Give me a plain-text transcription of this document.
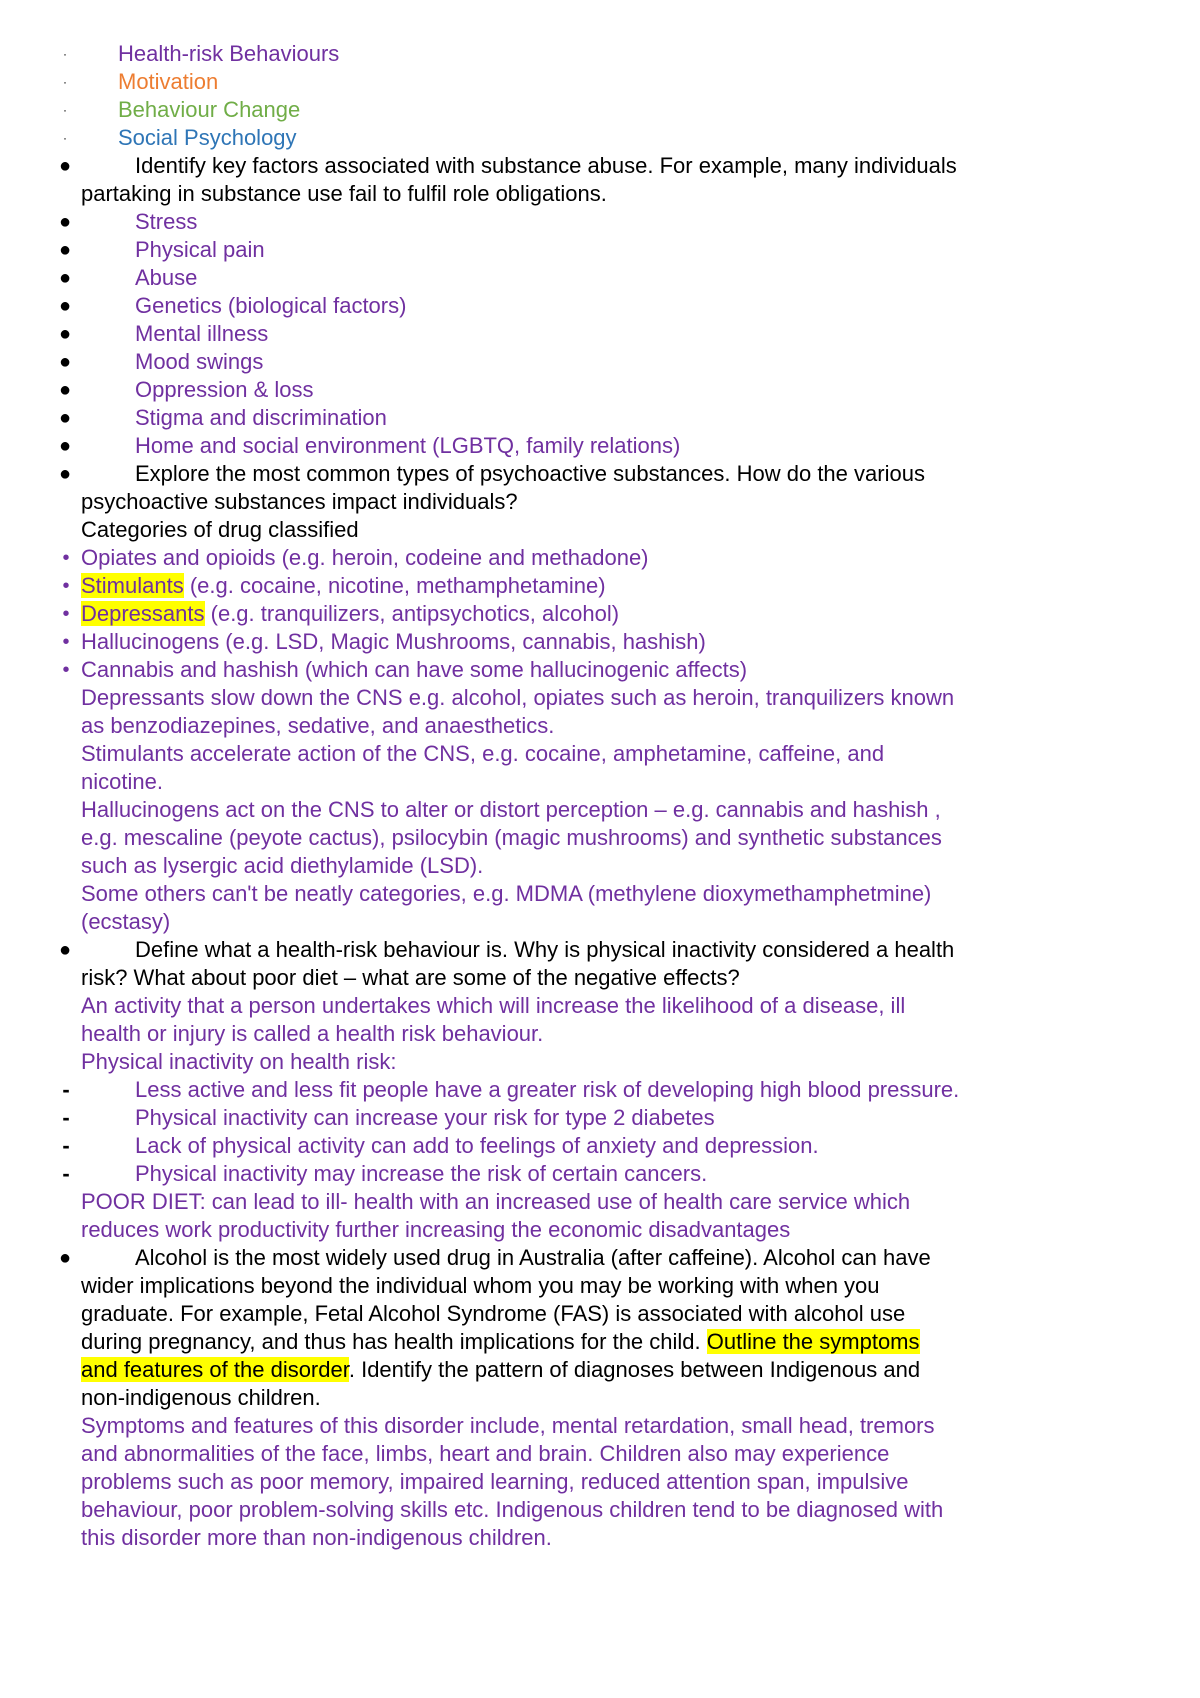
·	Health-risk Behaviours
·	Motivation
·	Behaviour Change
·	Social Psychology
●	Identify key factors associated with substance abuse. For example, many individuals
partaking in substance use fail to fulfil role obligations.
●	Stress
●	Physical pain
●	Abuse
●	Genetics (biological factors)
●	Mental illness
●	Mood swings
●	Oppression & loss
●	Stigma and discrimination
●	Home and social environment (LGBTQ, family relations)
●	Explore the most common types of psychoactive substances. How do the various
psychoactive substances impact individuals?
Categories of drug classified
• Opiates and opioids (e.g. heroin, codeine and methadone)
• Stimulants (e.g. cocaine, nicotine, methamphetamine)
• Depressants (e.g. tranquilizers, antipsychotics, alcohol)
• Hallucinogens (e.g. LSD, Magic Mushrooms, cannabis, hashish)
• Cannabis and hashish (which can have some hallucinogenic affects)
Depressants slow down the CNS e.g. alcohol, opiates such as heroin, tranquilizers known
as benzodiazepines, sedative, and anaesthetics.
Stimulants accelerate action of the CNS, e.g. cocaine, amphetamine, caffeine, and
nicotine.
Hallucinogens act on the CNS to alter or distort perception – e.g. cannabis and hashish ,
e.g. mescaline (peyote cactus), psilocybin (magic mushrooms) and synthetic substances
such as lysergic acid diethylamide (LSD).
Some others can't be neatly categories, e.g. MDMA (methylene dioxymethamphetmine)
(ecstasy)
●	Define what a health-risk behaviour is. Why is physical inactivity considered a health
risk? What about poor diet – what are some of the negative effects?
An activity that a person undertakes which will increase the likelihood of a disease, ill
health or injury is called a health risk behaviour.
Physical inactivity on health risk:
-	Less active and less fit people have a greater risk of developing high blood pressure.
-	Physical inactivity can increase your risk for type 2 diabetes
-	Lack of physical activity can add to feelings of anxiety and depression.
-	Physical inactivity may increase the risk of certain cancers.
POOR DIET: can lead to ill- health with an increased use of health care service which
reduces work productivity further increasing the economic disadvantages
●	Alcohol is the most widely used drug in Australia (after caffeine). Alcohol can have
wider implications beyond the individual whom you may be working with when you
graduate. For example, Fetal Alcohol Syndrome (FAS) is associated with alcohol use
during pregnancy, and thus has health implications for the child. Outline the symptoms
and features of the disorder. Identify the pattern of diagnoses between Indigenous and
non-indigenous children.
Symptoms and features of this disorder include, mental retardation, small head, tremors
and abnormalities of the face, limbs, heart and brain. Children also may experience
problems such as poor memory, impaired learning, reduced attention span, impulsive
behaviour, poor problem-solving skills etc. Indigenous children tend to be diagnosed with
this disorder more than non-indigenous children.
